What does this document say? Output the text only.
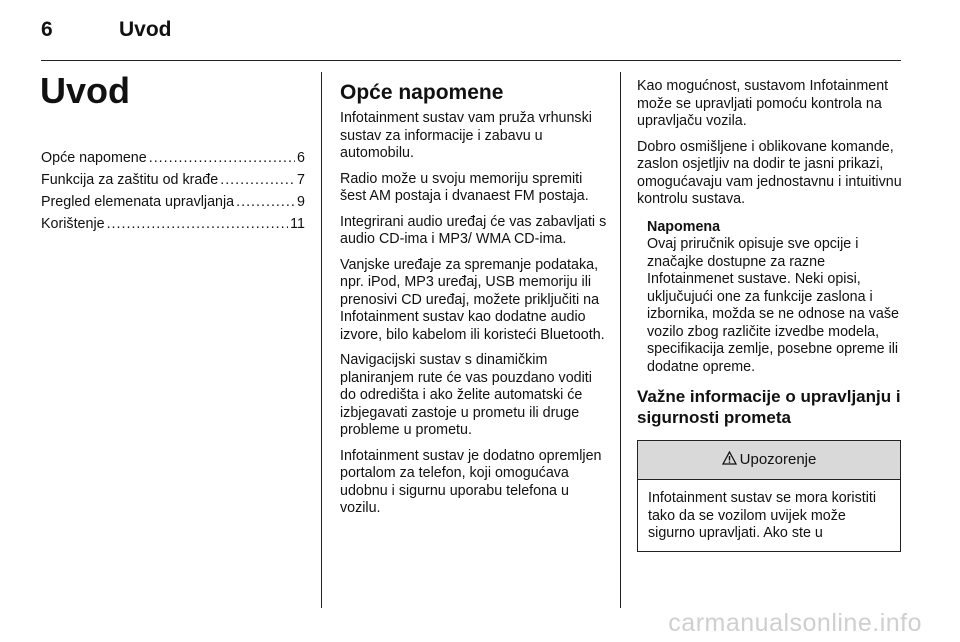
6	Uvod
Uvod
Opće napomene .....	6
Funkcija za zaštitu od krađe .....	7
Pregled elemenata upravljanja .....	9
Korištenje .....	11
Opće napomene

Infotainment sustav vam pruža vrhunski sustav za informacije i zabavu u automobilu.

Radio može u svoju memoriju spremiti šest AM postaja i dvanaest FM postaja.

Integrirani audio uređaj će vas zabavljati s audio CD-ima i MP3/ WMA CD-ima.

Vanjske uređaje za spremanje podataka, npr. iPod, MP3 uređaj, USB memoriju ili prenosivi CD uređaj, možete priključiti na Infotainment sustav kao dodatne audio izvore, bilo kabelom ili koristeći Bluetooth.

Navigacijski sustav s dinamičkim planiranjem rute će vas pouzdano voditi do odredišta i ako želite automatski će izbjegavati zastoje u prometu ili druge probleme u prometu.

Infotainment sustav je dodatno opremljen portalom za telefon, koji omogućava udobnu i sigurnu uporabu telefona u vozilu.

Kao mogućnost, sustavom Infotainment može se upravljati pomoću kontrola na upravljaču vozila.

Dobro osmišljene i oblikovane komande, zaslon osjetljiv na dodir te jasni prikazi, omogućavaju vam jednostavnu i intuitivnu kontrolu sustava.

Napomena
Ovaj priručnik opisuje sve opcije i značajke dostupne za razne Infotainmenet sustave. Neki opisi, uključujući one za funkcije zaslona i izbornika, možda se ne odnose na vaše vozilo zbog različite izvedbe modela, specifikacija zemlje, posebne opreme ili dodatne opreme.
Važne informacije o upravljanju i sigurnosti prometa
Upozorenje
Infotainment sustav se mora koristiti tako da se vozilom uvijek može sigurno upravljati. Ako ste u
carmanualsonline.info
